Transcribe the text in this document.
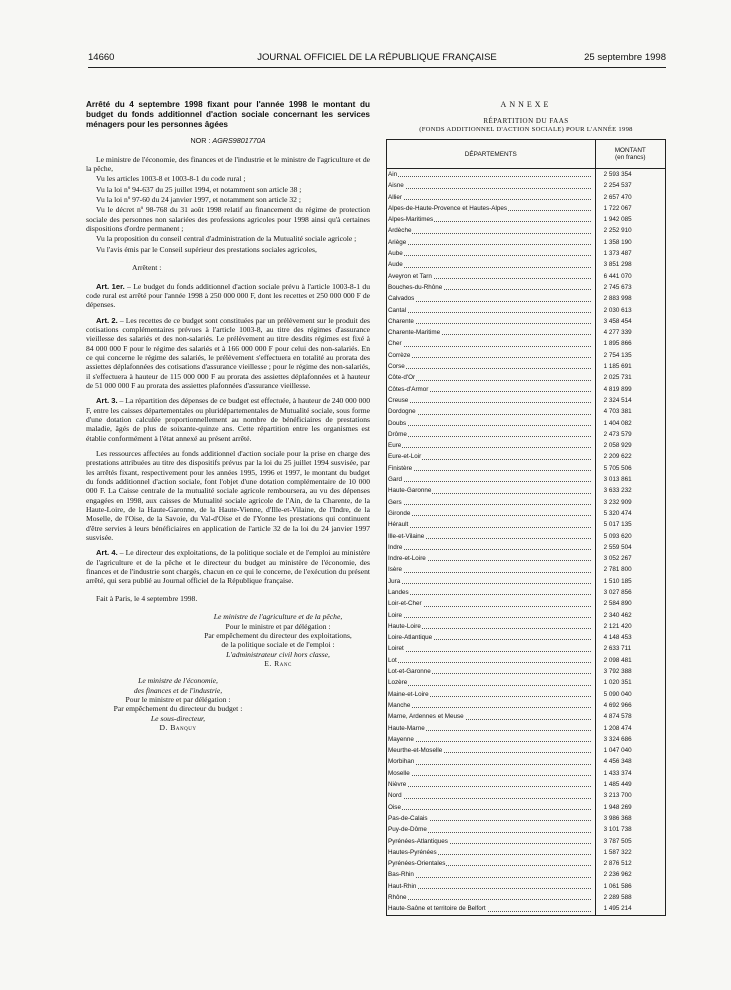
14660	JOURNAL OFFICIEL DE LA RÉPUBLIQUE FRANÇAISE	25 septembre 1998
Arrêté du 4 septembre 1998 fixant pour l'année 1998 le montant du budget du fonds additionnel d'action sociale concernant les services ménagers pour les personnes âgées
NOR : AGRS9801770A
Le ministre de l'économie, des finances et de l'industrie et le ministre de l'agriculture et de la pêche,
Vu les articles 1003-8 et 1003-8-1 du code rural ;
Vu la loi nº 94-637 du 25 juillet 1994, et notamment son article 38 ;
Vu la loi nº 97-60 du 24 janvier 1997, et notamment son article 32 ;
Vu le décret nº 98-768 du 31 août 1998 relatif au financement du régime de protection sociale des personnes non salariées des professions agricoles pour 1998 ainsi qu'à certaines dispositions d'ordre permanent ;
Vu la proposition du conseil central d'administration de la Mutualité sociale agricole ;
Vu l'avis émis par le Conseil supérieur des prestations sociales agricoles,
Arrêtent :
Art. 1er. – Le budget du fonds additionnel d'action sociale prévu à l'article 1003-8-1 du code rural est arrêté pour l'année 1998 à 250 000 000 F, dont les recettes et 250 000 000 F de dépenses.
Art. 2. – Les recettes de ce budget sont constituées par un prélèvement sur le produit des cotisations complémentaires prévues à l'article 1003-8, au titre des régimes d'assurance vieillesse des salariés et des non-salariés. Le prélèvement au titre desdits régimes est fixé à 84 000 000 F pour le régime des salariés et à 166 000 000 F pour celui des non-salariés. En ce qui concerne le régime des salariés, le prélèvement s'effectuera en totalité au prorata des assiettes déplafonnées des cotisations d'assurance vieillesse ; pour le régime des non-salariés, il s'effectuera à hauteur de 115 000 000 F au prorata des assiettes déplafonnées et à hauteur de 51 000 000 F au prorata des assiettes plafonnées d'assurance vieillesse.
Art. 3. – La répartition des dépenses de ce budget est effectuée, à hauteur de 240 000 000 F, entre les caisses départementales ou pluridépartementales de Mutualité sociale, sous forme d'une dotation calculée proportionnellement au nombre de bénéficiaires de prestations maladie, âgés de plus de soixante-quinze ans. Cette répartition entre les organismes est établie conformément à l'état annexé au présent arrêté.
Les ressources affectées au fonds additionnel d'action sociale pour la prise en charge des prestations attribuées au titre des dispositifs prévus par la loi du 25 juillet 1994 susvisée, par les arrêtés fixant, respectivement pour les années 1995, 1996 et 1997, le montant du budget du fonds additionnel d'action sociale, font l'objet d'une dotation complémentaire de 10 000 000 F. La Caisse centrale de la mutualité sociale agricole remboursera, au vu des dépenses engagées en 1998, aux caisses de Mutualité sociale agricole de l'Ain, de la Charente, de la Haute-Loire, de la Haute-Garonne, de la Haute-Vienne, d'Ille-et-Vilaine, de l'Indre, de la Moselle, de l'Oise, de la Savoie, du Val-d'Oise et de l'Yonne les prestations qui continuent d'être servies à leurs bénéficiaires en application de l'article 32 de la loi du 24 janvier 1997 susvisée.
Art. 4. – Le directeur des exploitations, de la politique sociale et de l'emploi au ministère de l'agriculture et de la pêche et le directeur du budget au ministère de l'économie, des finances et de l'industrie sont chargés, chacun en ce qui le concerne, de l'exécution du présent arrêté, qui sera publié au Journal officiel de la République française.
Fait à Paris, le 4 septembre 1998.
Le ministre de l'agriculture et de la pêche,
Pour le ministre et par délégation :
Par empêchement du directeur des exploitations,
de la politique sociale et de l'emploi :
L'administrateur civil hors classe,
E. Ranc
Le ministre de l'économie,
des finances et de l'industrie,
Pour le ministre et par délégation :
Par empêchement du directeur du budget :
Le sous-directeur,
D. Banquy
ANNEXE
RÉPARTITION DU FAAS
(FONDS ADDITIONNEL D'ACTION SOCIALE) POUR L'ANNÉE 1998
DÉPARTEMENTS	MONTANT
(en francs)

Ain	2 593 354

Aisne	2 254 537

Allier	2 657 470

Alpes-de-Haute-Provence et Hautes-Alpes	1 722 067

Alpes-Maritimes	1 942 085

Ardèche	2 252 910

Ariège	1 358 190

Aube	1 373 487

Aude	3 851 298

Aveyron et Tarn	6 441 070

Bouches-du-Rhône	2 745 673

Calvados	2 883 998

Cantal	2 030 613

Charente	3 458 454

Charente-Maritime	4 277 339

Cher	1 895 866

Corrèze	2 754 135

Corse	1 185 691

Côte-d'Or	2 025 731

Côtes-d'Armor	4 819 899

Creuse	2 324 514

Dordogne	4 703 381

Doubs	1 404 082

Drôme	2 473 579

Eure	2 058 929

Eure-et-Loir	2 209 622

Finistère	5 705 506

Gard	3 013 861

Haute-Garonne	3 633 232

Gers	3 232 909

Gironde	5 320 474

Hérault	5 017 135

Ille-et-Vilaine	5 093 620

Indre	2 559 504

Indre-et-Loire	3 052 267

Isère	2 781 800

Jura	1 510 185

Landes	3 027 856

Loir-et-Cher	2 584 890

Loire	2 340 462

Haute-Loire	2 121 420

Loire-Atlantique	4 148 453

Loiret	2 633 711

Lot	2 098 481

Lot-et-Garonne	3 792 388

Lozère	1 020 351

Maine-et-Loire	5 090 040

Manche	4 692 966

Marne, Ardennes et Meuse	4 874 578

Haute-Marne	1 208 474

Mayenne	3 324 686

Meurthe-et-Moselle	1 047 040

Morbihan	4 456 348

Moselle	1 433 374

Nièvre	1 485 449

Nord	3 213 700

Oise	1 948 269

Pas-de-Calais	3 986 368

Puy-de-Dôme	3 101 738

Pyrénées-Atlantiques	3 787 505

Hautes-Pyrénées	1 587 322

Pyrénées-Orientales	2 876 512

Bas-Rhin	2 236 962

Haut-Rhin	1 061 586

Rhône	2 289 588

Haute-Saône et territoire de Belfort	1 495 214
